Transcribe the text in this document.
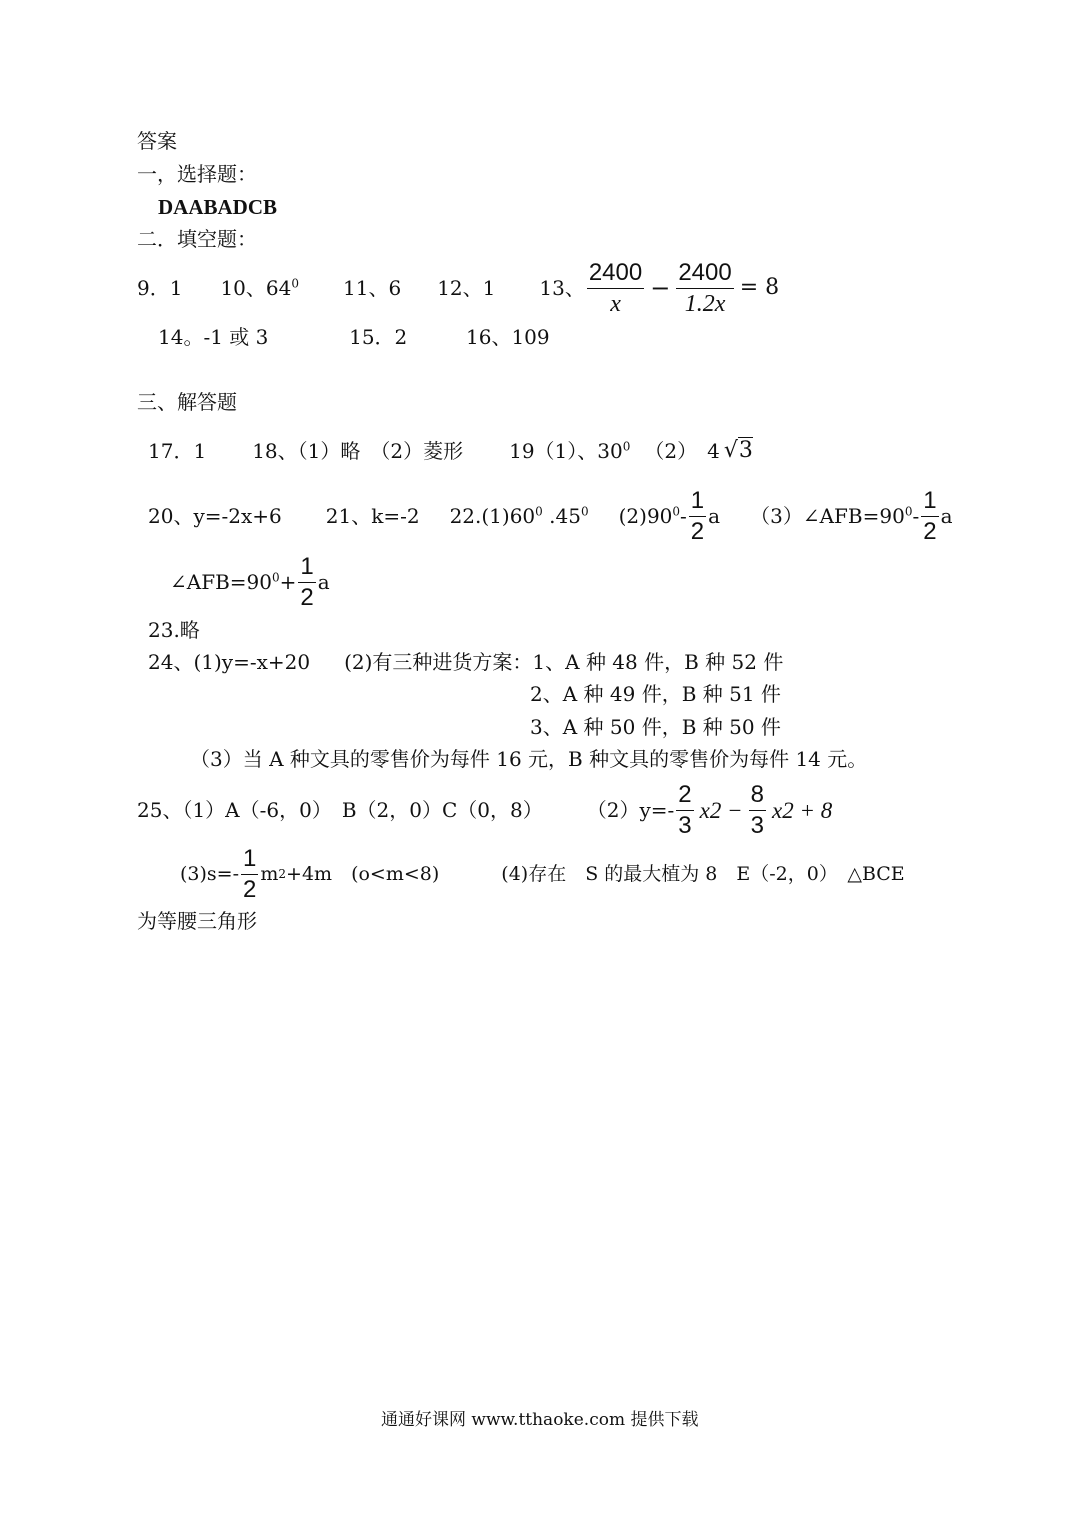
答案
一，选择题：
DAABADCB
二．填空题：
9．1 10、$64^0$ 11、6 12、1 13、 $\frac{2400}{x} - \frac{2400}{1.2x} = 8$
14。-1 或 3	15．2	16、109
三、解答题
17．1 18、（1）略　（2）菱形 19（1）、$30^0$ （2）　4 √3
20、y=-2x+6 21、k=-2 $22.(1)60^0$ $.45^0$ $(2)90^0- \frac{1}{2}$ a $(3)\angle AFB=90^0- \frac{1}{2}$ a
$\angle AFB=90^0+ \frac{1}{2}$ a
23.略
24、(1)y=-x+20 (2)有三种进货方案：1、A 种 48 件，B 种 52 件
2、A 种 49 件，B 种 51 件
3、A 种 50 件，B 种 50 件
（3）当 A 种文具的零售价为每件 16 元，B 种文具的零售价为每件 14 元。
25、（1）A（-6，0）　B（2，0）C（0，8） $(2)y=- \frac{2}{3} x2 - \frac{8}{3} x2 + 8$
$(3)s=- \frac{1}{2}$ m 2 +4m　(o<m<8)	(4)存在　S 的最大植为 8　E（-2，0）　△BCE
为等腰三角形
通通好课网 www.tthaoke.com 提供下载
